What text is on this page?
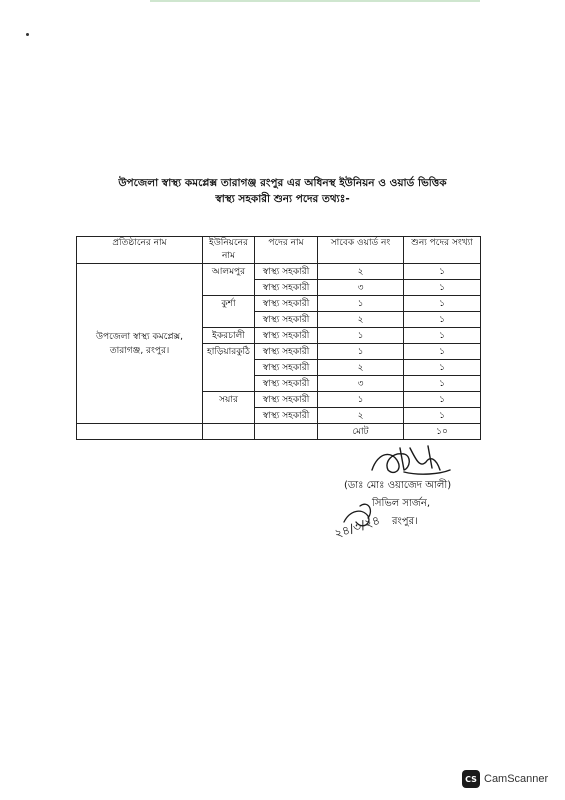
উপজেলা স্বাস্থ্য কমপ্লেক্স তারাগঞ্জ রংপুর এর অধিনস্থ ইউনিয়ন ও ওয়ার্ড ভিত্তিক
স্বাস্থ্য সহকারী শুন্য পদের তথ্যঃ-
প্রতিষ্ঠানের নাম	ইউনিয়নের নাম	পদের নাম	সাবেক ওয়ার্ড নং	শুন্য পদের সংখ্যা
উপজেলা স্বাস্থ্য কমপ্লেক্স, তারাগঞ্জ, রংপুর।	আলমপুর	স্বাস্থ্য সহকারী	২	১
		স্বাস্থ্য সহকারী	৩	১
	কুর্শা	স্বাস্থ্য সহকারী	১	১
		স্বাস্থ্য সহকারী	২	১
	ইকরচালী	স্বাস্থ্য সহকারী	১	১
	হাড়িয়ারকুঠি	স্বাস্থ্য সহকারী	১	১
		স্বাস্থ্য সহকারী	২	১
		স্বাস্থ্য সহকারী	৩	১
	সয়ার	স্বাস্থ্য সহকারী	১	১
		স্বাস্থ্য সহকারী	২	১
			মোট	১০
২৪/৩/২৪
(ডাঃ মোঃ ওয়াজেদ আলী)
সিভিল সার্জন,
রংপুর।
CS CamScanner
